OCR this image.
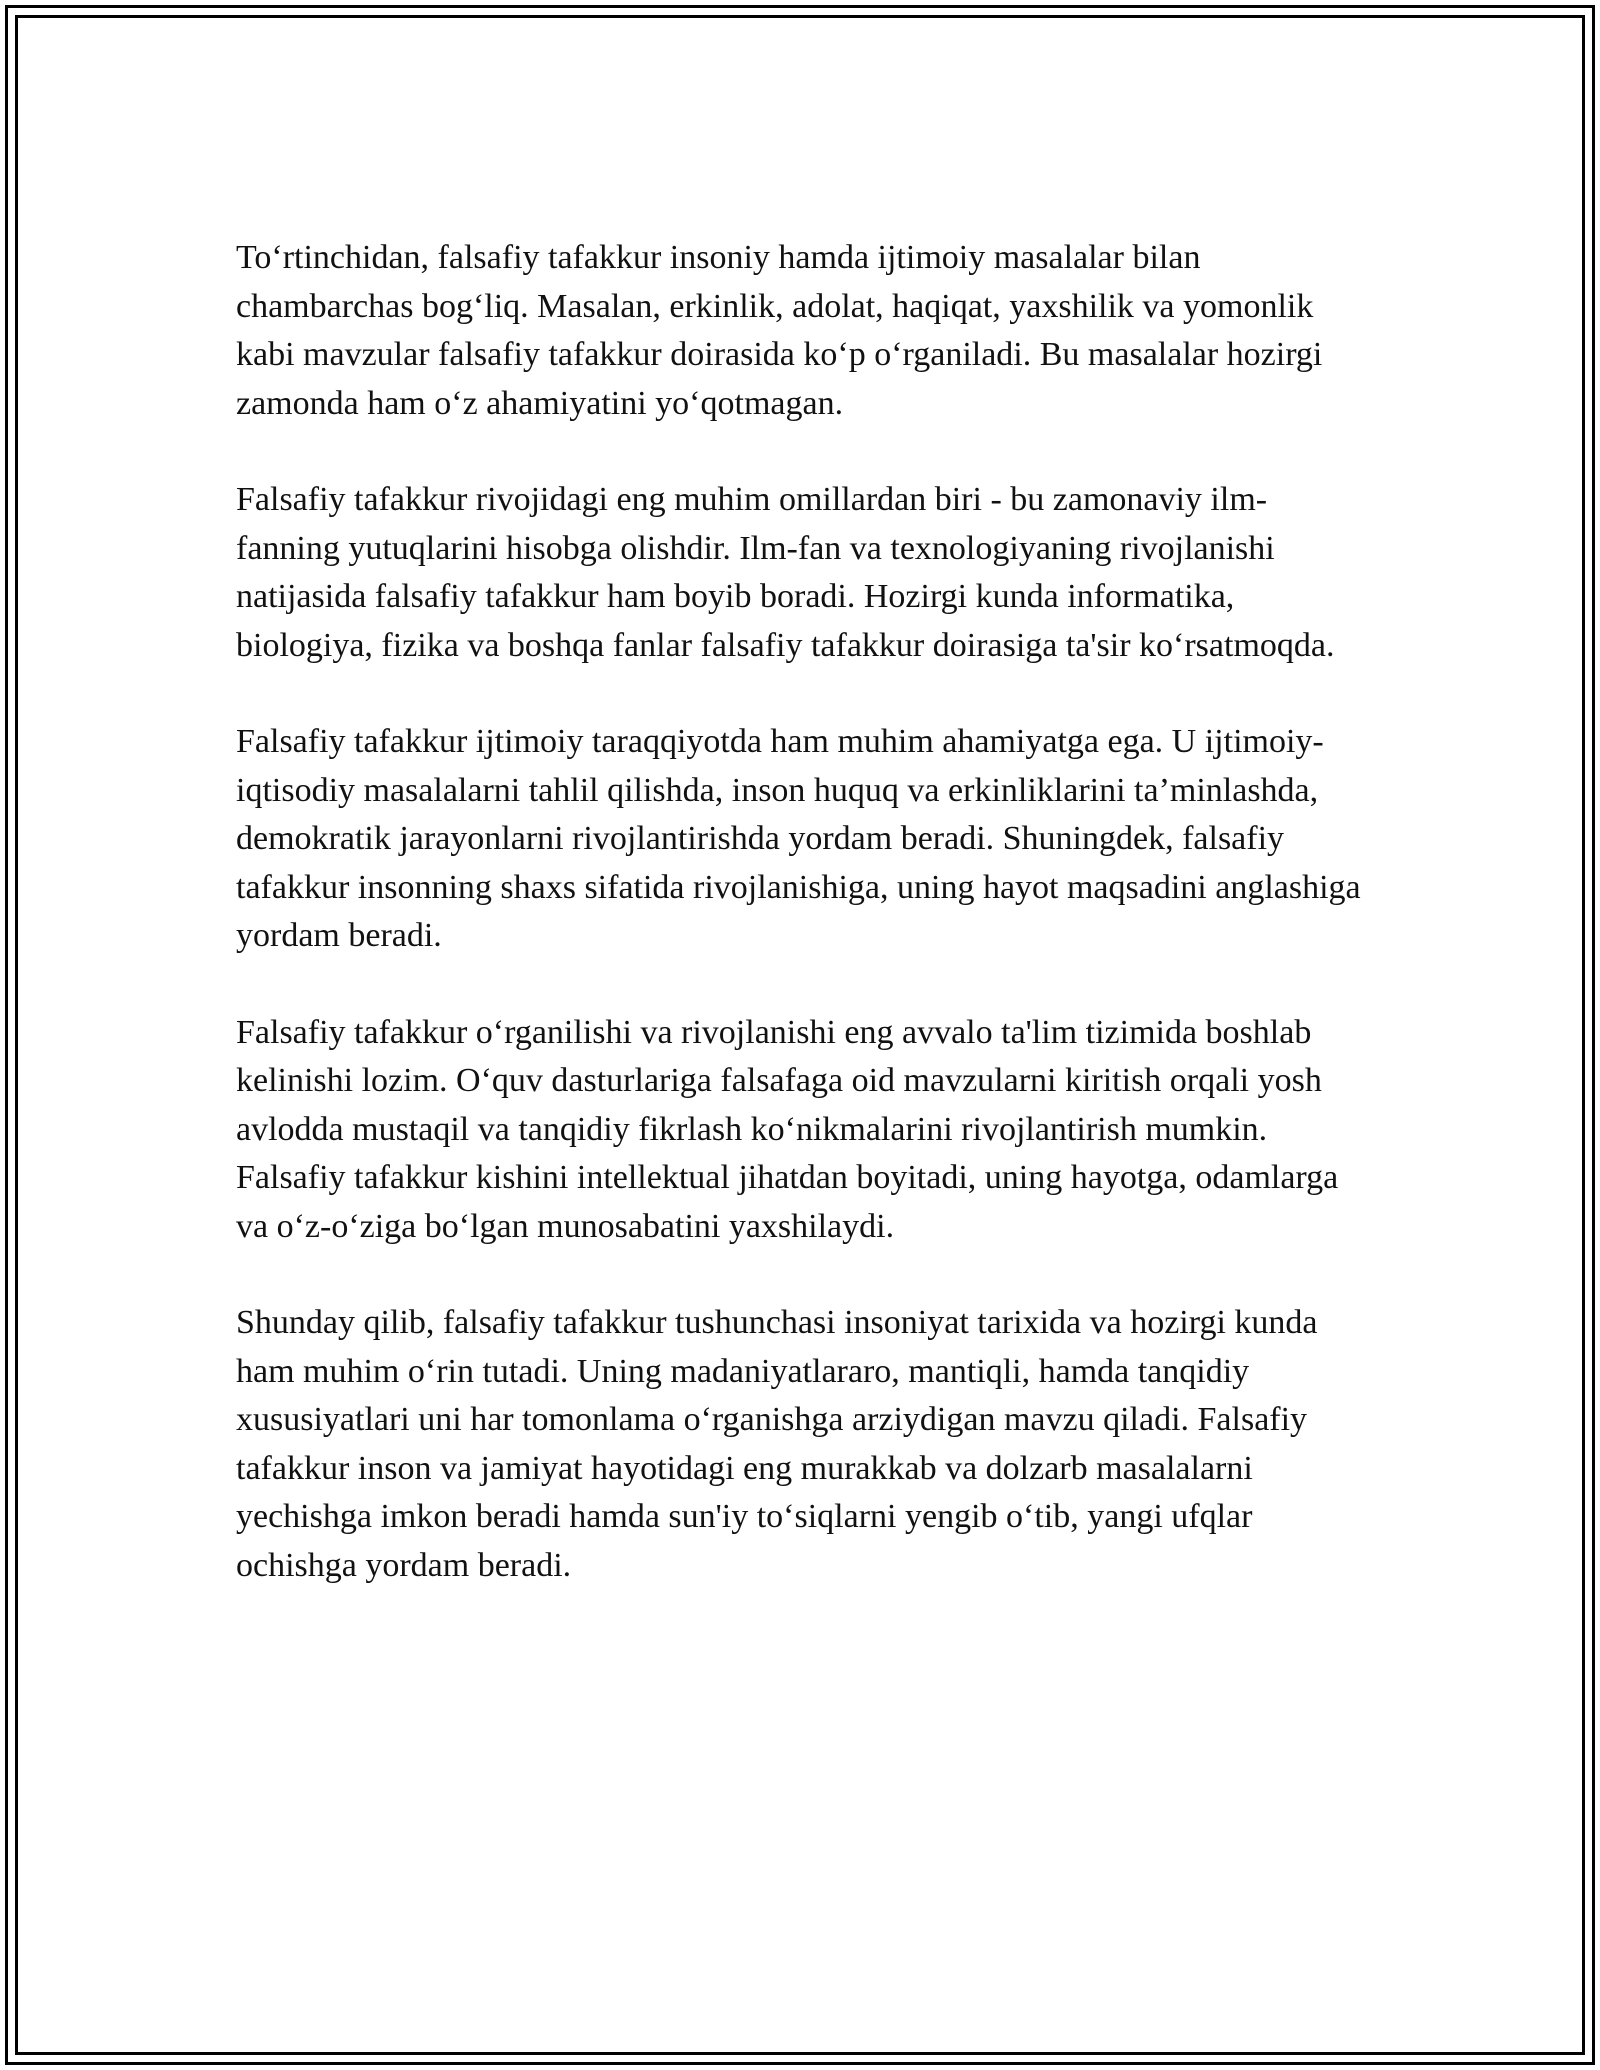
To‘rtinchidan, falsafiy tafakkur insoniy hamda ijtimoiy masalalar bilan chambarchas bog‘liq. Masalan, erkinlik, adolat, haqiqat, yaxshilik va yomonlik kabi mavzular falsafiy tafakkur doirasida ko‘p o‘rganiladi. Bu masalalar hozirgi zamonda ham o‘z ahamiyatini yo‘qotmagan.

Falsafiy tafakkur rivojidagi eng muhim omillardan biri - bu zamonaviy ilm-fanning yutuqlarini hisobga olishdir. Ilm-fan va texnologiyaning rivojlanishi natijasida falsafiy tafakkur ham boyib boradi. Hozirgi kunda informatika, biologiya, fizika va boshqa fanlar falsafiy tafakkur doirasiga ta'sir ko‘rsatmoqda.

Falsafiy tafakkur ijtimoiy taraqqiyotda ham muhim ahamiyatga ega. U ijtimoiy-iqtisodiy masalalarni tahlil qilishda, inson huquq va erkinliklarini ta’minlashda, demokratik jarayonlarni rivojlantirishda yordam beradi. Shuningdek, falsafiy tafakkur insonning shaxs sifatida rivojlanishiga, uning hayot maqsadini anglashiga yordam beradi.

Falsafiy tafakkur o‘rganilishi va rivojlanishi eng avvalo ta'lim tizimida boshlab kelinishi lozim. O‘quv dasturlariga falsafaga oid mavzularni kiritish orqali yosh avlodda mustaqil va tanqidiy fikrlash ko‘nikmalarini rivojlantirish mumkin. Falsafiy tafakkur kishini intellektual jihatdan boyitadi, uning hayotga, odamlarga va o‘z-o‘ziga bo‘lgan munosabatini yaxshilaydi.

Shunday qilib, falsafiy tafakkur tushunchasi insoniyat tarixida va hozirgi kunda ham muhim o‘rin tutadi. Uning madaniyatlararo, mantiqli, hamda tanqidiy xususiyatlari uni har tomonlama o‘rganishga arziydigan mavzu qiladi. Falsafiy tafakkur inson va jamiyat hayotidagi eng murakkab va dolzarb masalalarni yechishga imkon beradi hamda sun'iy to‘siqlarni yengib o‘tib, yangi ufqlar ochishga yordam beradi.
